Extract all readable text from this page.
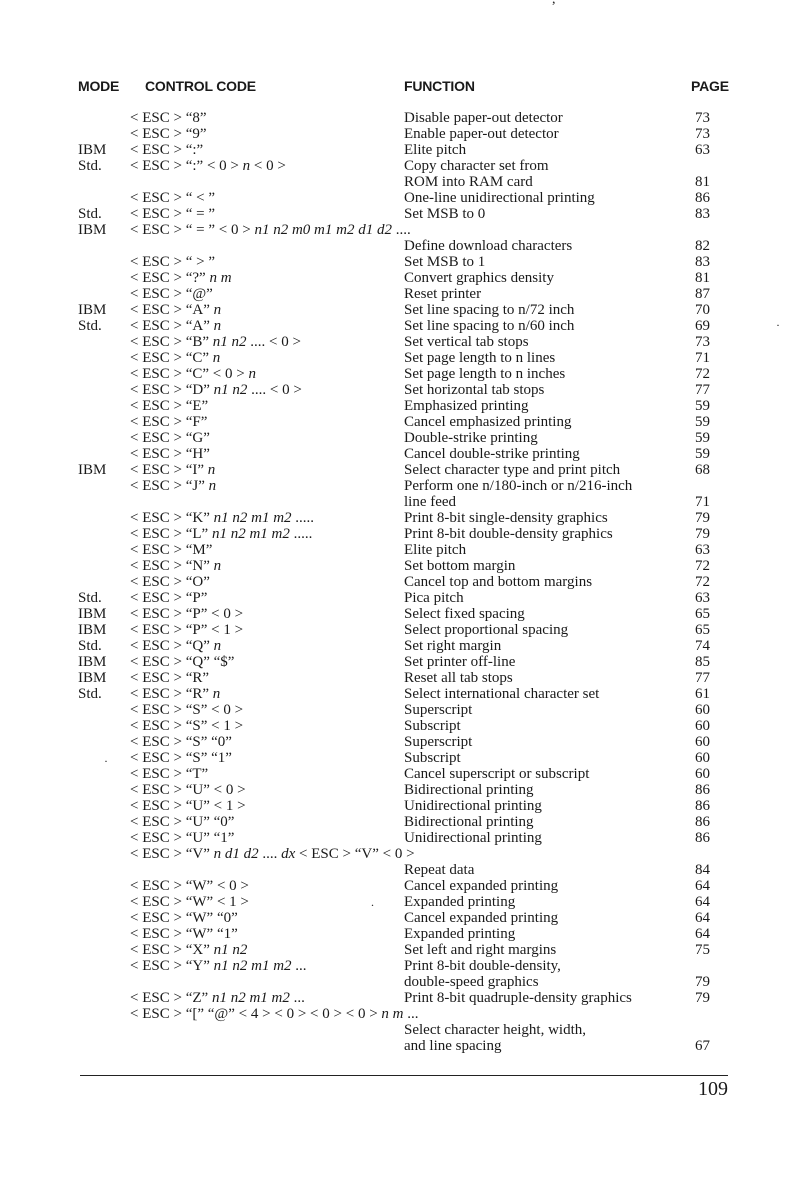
MODE CONTROL CODE	FUNCTION	PAGE
< ESC > “8”	Disable paper-out detector	73
< ESC > “9”	Enable paper-out detector	73
IBM < ESC > “:”	Elite pitch	63
Std. < ESC > “:” < 0 > n < 0 >	Copy character set from
ROM into RAM card	81
< ESC > “ < ”	One-line unidirectional printing	86
Std. < ESC > “ = ”	Set MSB to 0	83
IBM < ESC > “ = ” < 0 > n1 n2 m0 m1 m2 d1 d2 ....
Define download characters	82
< ESC > “ > ”	Set MSB to 1	83
< ESC > “?” n m	Convert graphics density	81
< ESC > “@”	Reset printer	87
IBM < ESC > “A” n	Set line spacing to n/72 inch	70
Std. < ESC > “A” n	Set line spacing to n/60 inch	69
< ESC > “B” n1 n2 .... < 0 >	Set vertical tab stops	73
< ESC > “C” n	Set page length to n lines	71
< ESC > “C” < 0 > n	Set page length to n inches	72
< ESC > “D” n1 n2 .... < 0 >	Set horizontal tab stops	77
< ESC > “E”	Emphasized printing	59
< ESC > “F”	Cancel emphasized printing	59
< ESC > “G”	Double-strike printing	59
< ESC > “H”	Cancel double-strike printing	59
IBM < ESC > “I” n	Select character type and print pitch	68
< ESC > “J” n	Perform one n/180-inch or n/216-inch
line feed	71
< ESC > “K” n1 n2 m1 m2 .....	Print 8-bit single-density graphics	79
< ESC > “L” n1 n2 m1 m2 .....	Print 8-bit double-density graphics	79
< ESC > “M”	Elite pitch	63
< ESC > “N” n	Set bottom margin	72
< ESC > “O”	Cancel top and bottom margins	72
Std. < ESC > “P”	Pica pitch	63
IBM < ESC > “P” < 0 >	Select fixed spacing	65
IBM < ESC > “P” < 1 >	Select proportional spacing	65
Std. < ESC > “Q” n	Set right margin	74
IBM < ESC > “Q” “$”	Set printer off-line	85
IBM < ESC > “R”	Reset all tab stops	77
Std. < ESC > “R” n	Select international character set	61
< ESC > “S” < 0 >	Superscript	60
< ESC > “S” < 1 >	Subscript	60
< ESC > “S” “0”	Superscript	60
< ESC > “S” “1”	Subscript	60
< ESC > “T”	Cancel superscript or subscript	60
< ESC > “U” < 0 >	Bidirectional printing	86
< ESC > “U” < 1 >	Unidirectional printing	86
< ESC > “U” “0”	Bidirectional printing	86
< ESC > “U” “1”	Unidirectional printing	86
< ESC > “V” n d1 d2 .... dx < ESC > “V” < 0 >
Repeat data	84
< ESC > “W” < 0 >	Cancel expanded printing	64
< ESC > “W” < 1 >	Expanded printing	64
< ESC > “W” “0”	Cancel expanded printing	64
< ESC > “W” “1”	Expanded printing	64
< ESC > “X” n1 n2	Set left and right margins	75
< ESC > “Y” n1 n2 m1 m2 ...	Print 8-bit double-density,
double-speed graphics	79
< ESC > “Z” n1 n2 m1 m2 ...	Print 8-bit quadruple-density graphics	79
< ESC > “[” “@” < 4 > < 0 > < 0 > < 0 > n m ...
Select character height, width,
and line spacing	67
·
·
.
109
